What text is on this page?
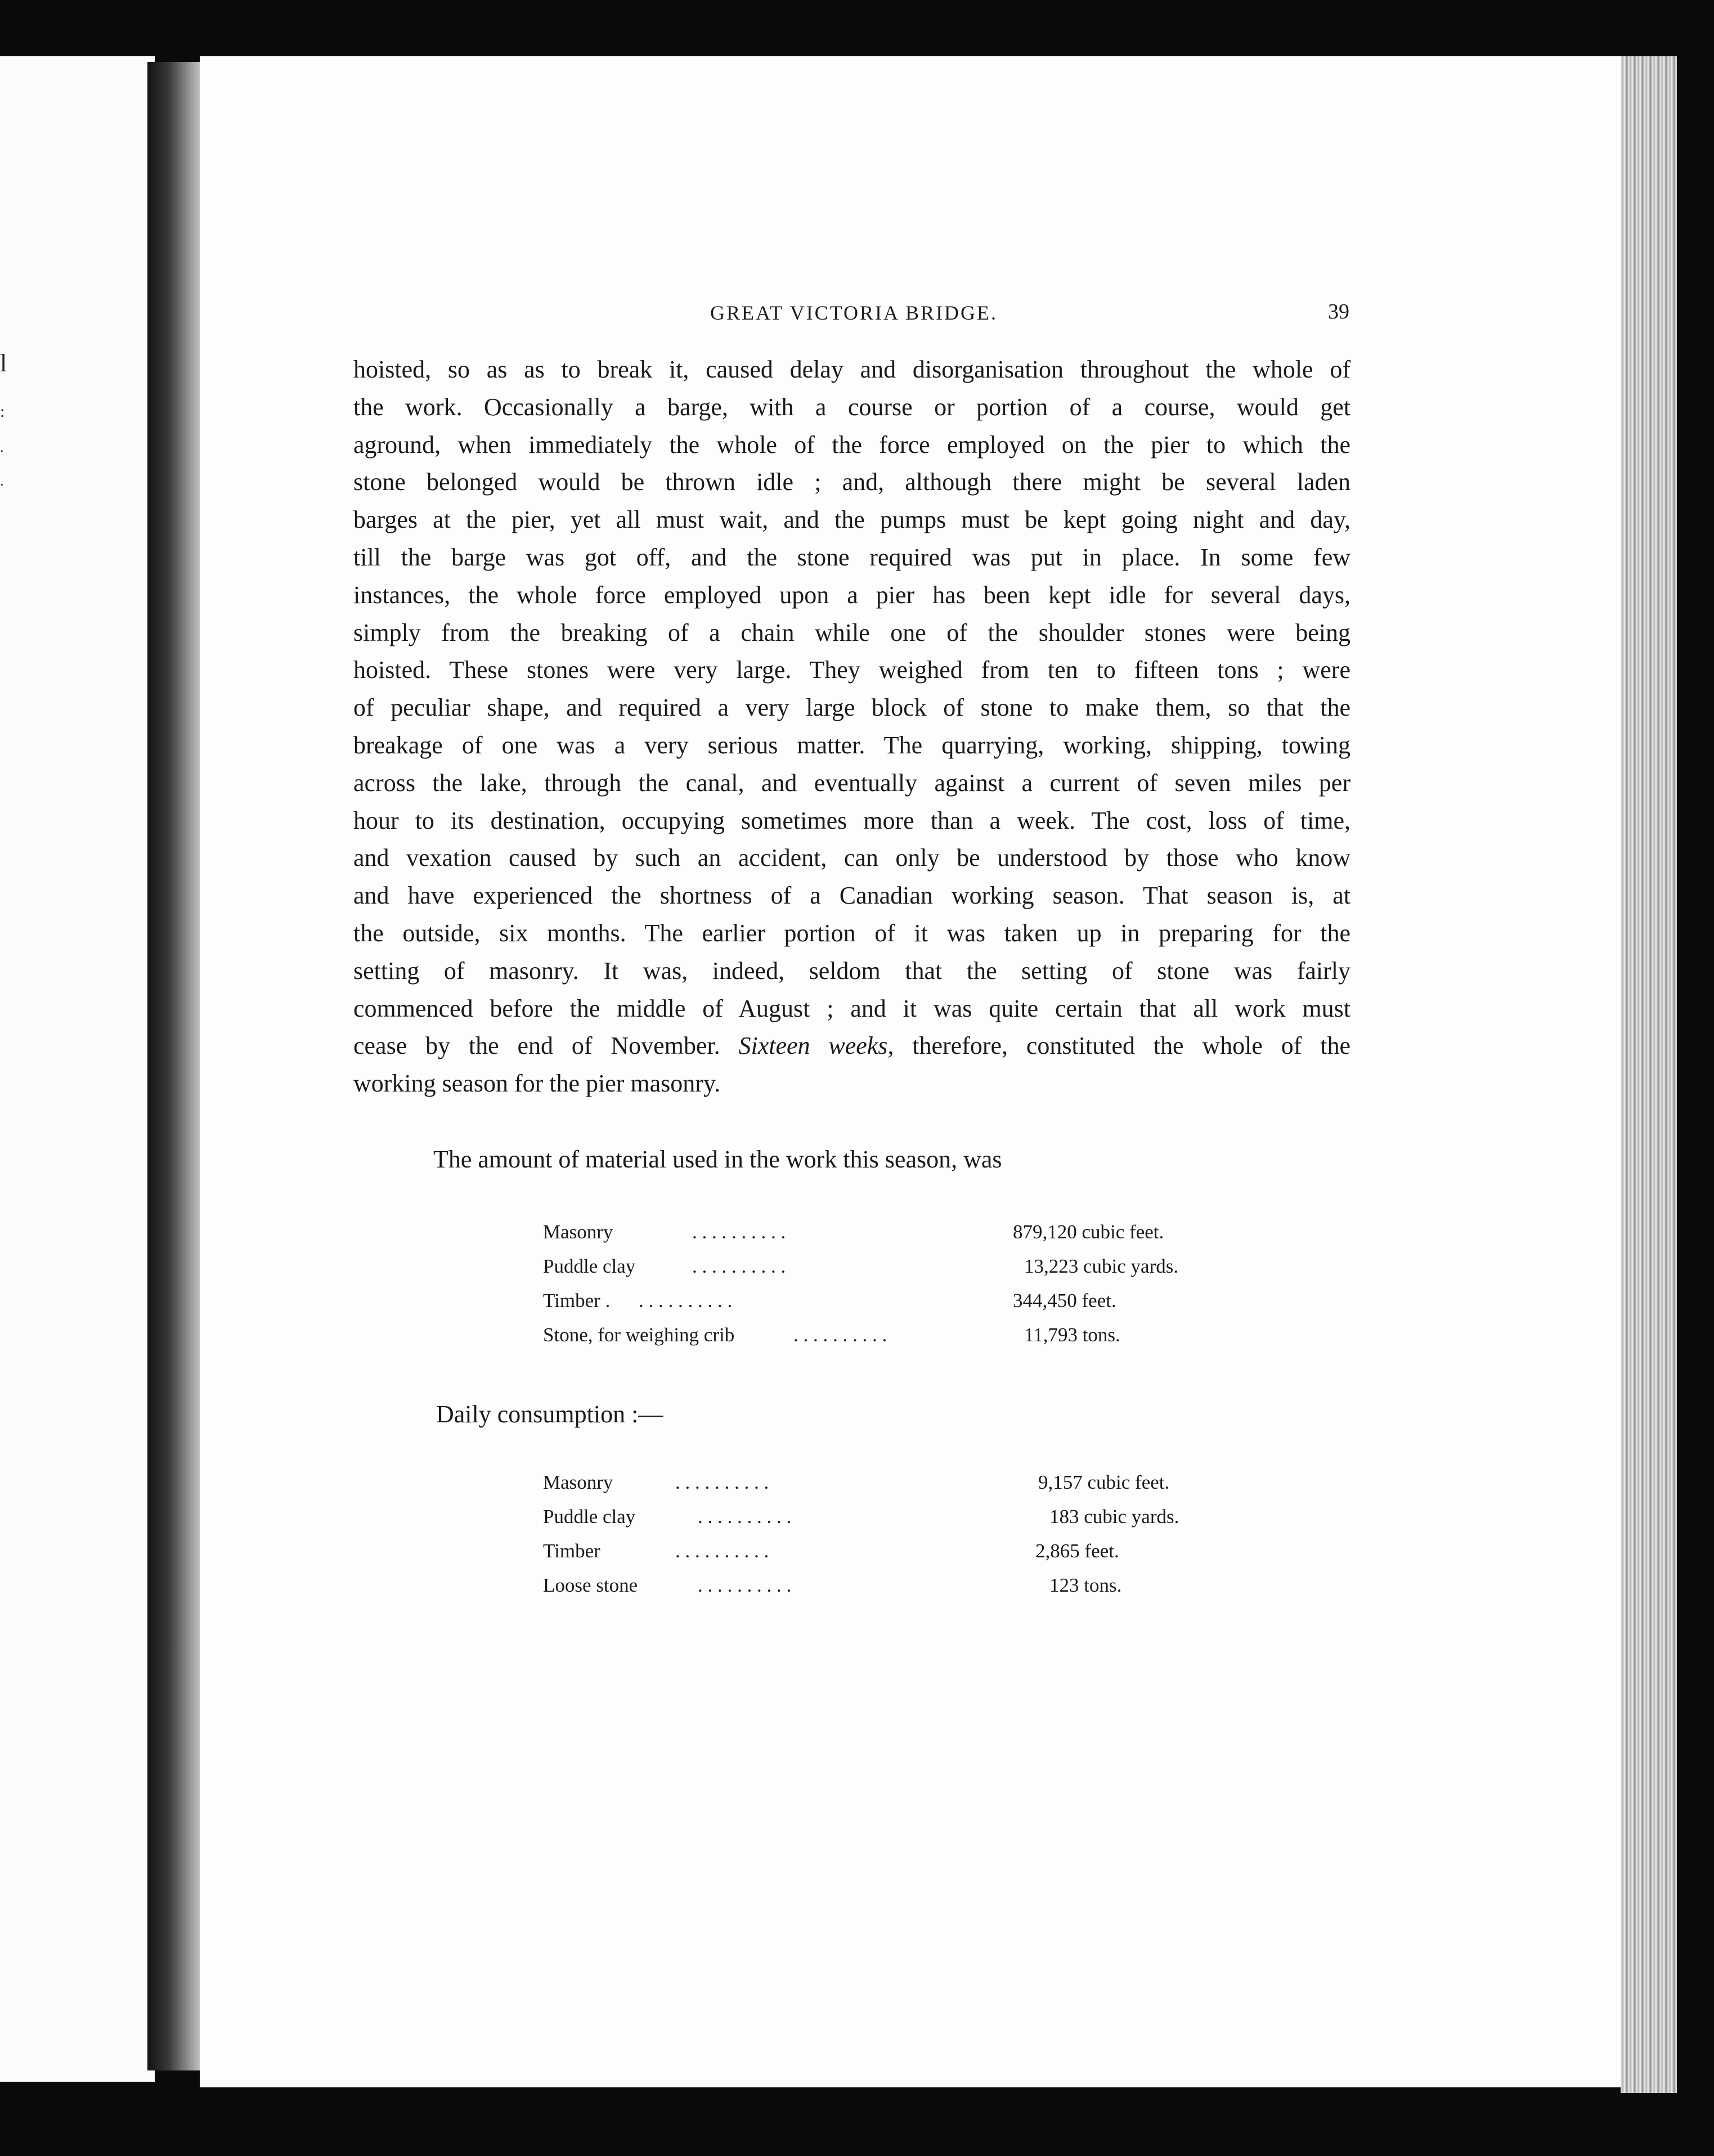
l
:
.
.
GREAT VICTORIA BRIDGE.	39
hoisted, so as as to break it, caused delay and disorganisation throughout the whole of
the work. Occasionally a barge, with a course or portion of a course, would get
aground, when immediately the whole of the force employed on the pier to which the
stone belonged would be thrown idle ; and, although there might be several laden
barges at the pier, yet all must wait, and the pumps must be kept going night and day,
till the barge was got off, and the stone required was put in place. In some few
instances, the whole force employed upon a pier has been kept idle for several days,
simply from the breaking of a chain while one of the shoulder stones were being
hoisted. These stones were very large. They weighed from ten to fifteen tons ; were
of peculiar shape, and required a very large block of stone to make them, so that the
breakage of one was a very serious matter. The quarrying, working, shipping, towing
across the lake, through the canal, and eventually against a current of seven miles per
hour to its destination, occupying sometimes more than a week. The cost, loss of time,
and vexation caused by such an accident, can only be understood by those who know
and have experienced the shortness of a Canadian working season. That season is, at
the outside, six months. The earlier portion of it was taken up in preparing for the
setting of masonry. It was, indeed, seldom that the setting of stone was fairly
commenced before the middle of August ; and it was quite certain that all work must
cease by the end of November. Sixteen weeks, therefore, constituted the whole of the
working season for the pier masonry.
The amount of material used in the work this season, was
Masonry	. . . . . . . . . .	879,120 cubic feet.
Puddle clay	. . . . . . . . . .	13,223 cubic yards.
Timber . . . . . . . . . . .	344,450 feet.
Stone, for weighing crib	. . . . . . . . . .	11,793 tons.
Daily consumption :—
Masonry	. . . . . . . . . .	9,157 cubic feet.
Puddle clay	. . . . . . . . . .	183 cubic yards.
Timber	. . . . . . . . . .	2,865 feet.
Loose stone	. . . . . . . . . .	123 tons.
